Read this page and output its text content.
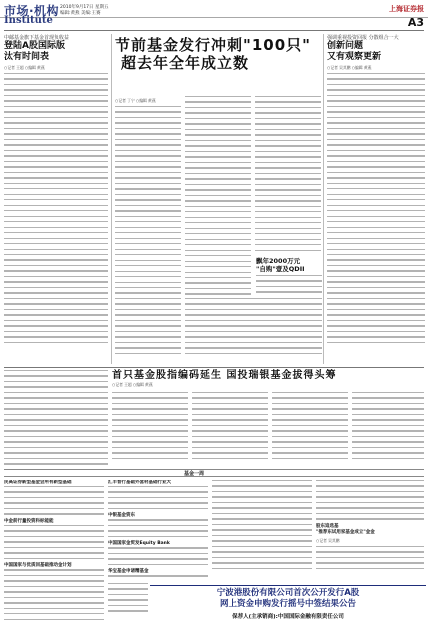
市场·机构 2010年9月17日 星期五
编辑:黄燕 美编:王赛
上海证券报
Institute	A3
中邮基金旗下基金首现负收益
登陆A股国际版
汰有时间表
○记者 王超 ○编辑 黄燕
节前基金发行冲刺"100只"
超去年全年成立数
○记者 丁宁 ○编辑 黄燕
飘年2000万元
"自购"壹及QDII
强调重视投资回报 分散组合一大
创新问题
又有观察更新
○记者 吴其鹏 ○编辑 黄燕
首只基金股指编码延生 国投瑞银基金拔得头筹
○记者 王超 ○编辑 黄燕
基金一周
民高证券新型基金尝所有新型基础
中金前行量投资科标能能
中国国家与优质回基础推动金计划
汇丰晋行基础外套材基础行业大
中银基金资东
中国国家金贸发Equity Bank
华宝基金申诸精基金
股东追选基
"推荐东试用家基金成立"金金
○记者 吴其鹏
宁波港股份有限公司首次公开发行A股
网上资金申购发行摇号中签结果公告
保荐人(主承销商):中国国际金融有限责任公司
